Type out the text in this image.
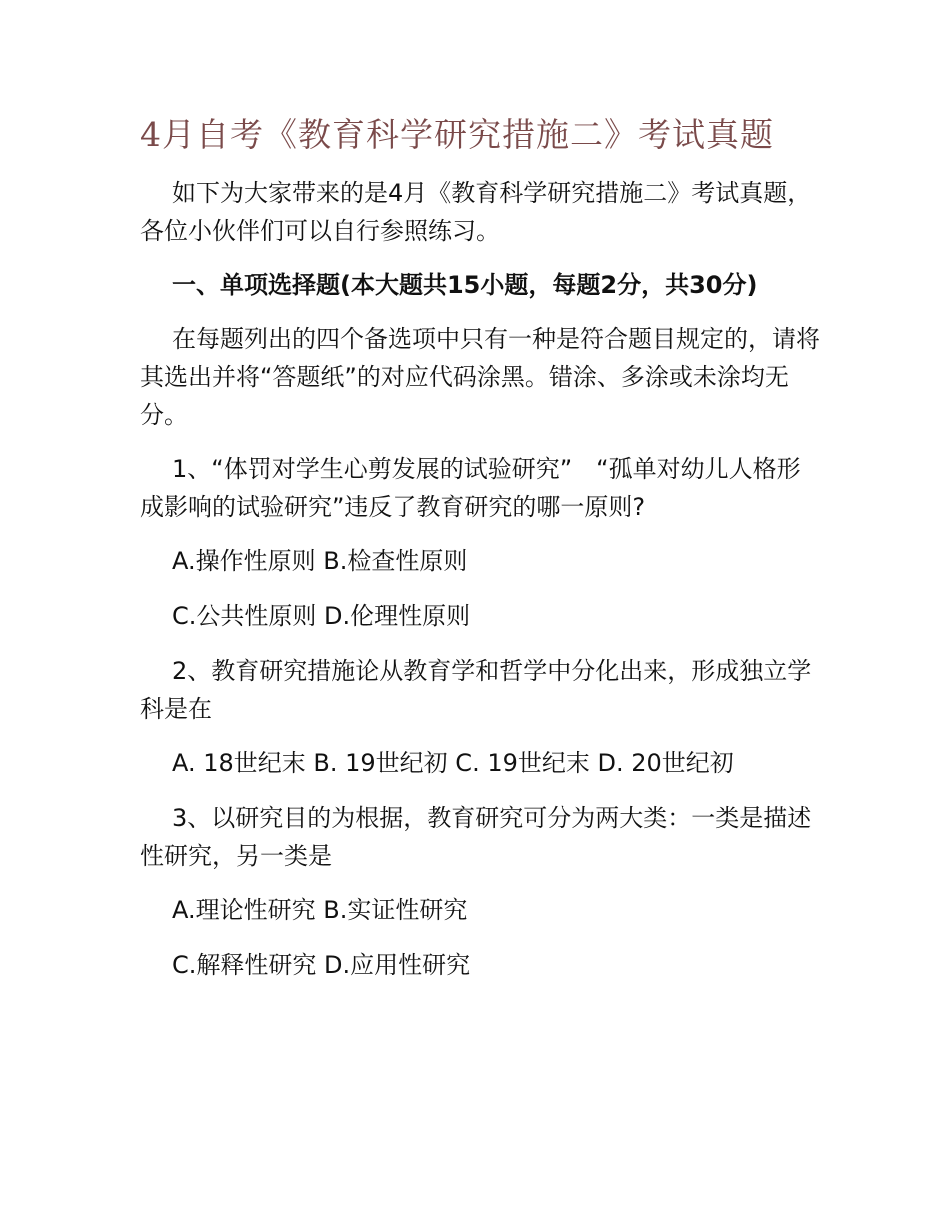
4月自考《教育科学研究措施二》考试真题

如下为大家带来的是4月《教育科学研究措施二》考试真题，各位小伙伴们可以自行参照练习。

一、单项选择题(本大题共15小题，每题2分，共30分)

在每题列出的四个备选项中只有一种是符合题目规定的，请将其选出并将“答题纸”的对应代码涂黑。错涂、多涂或未涂均无分。

1、“体罚对学生心剪发展的试验研究”　“孤单对幼儿人格形成影响的试验研究”违反了教育研究的哪一原则?

A.操作性原则 B.检查性原则
C.公共性原则 D.伦理性原则

2、教育研究措施论从教育学和哲学中分化出来，形成独立学科是在

A. 18世纪末 B. 19世纪初 C. 19世纪末 D. 20世纪初

3、以研究目的为根据，教育研究可分为两大类：一类是描述性研究，另一类是

A.理论性研究 B.实证性研究
C.解释性研究 D.应用性研究
